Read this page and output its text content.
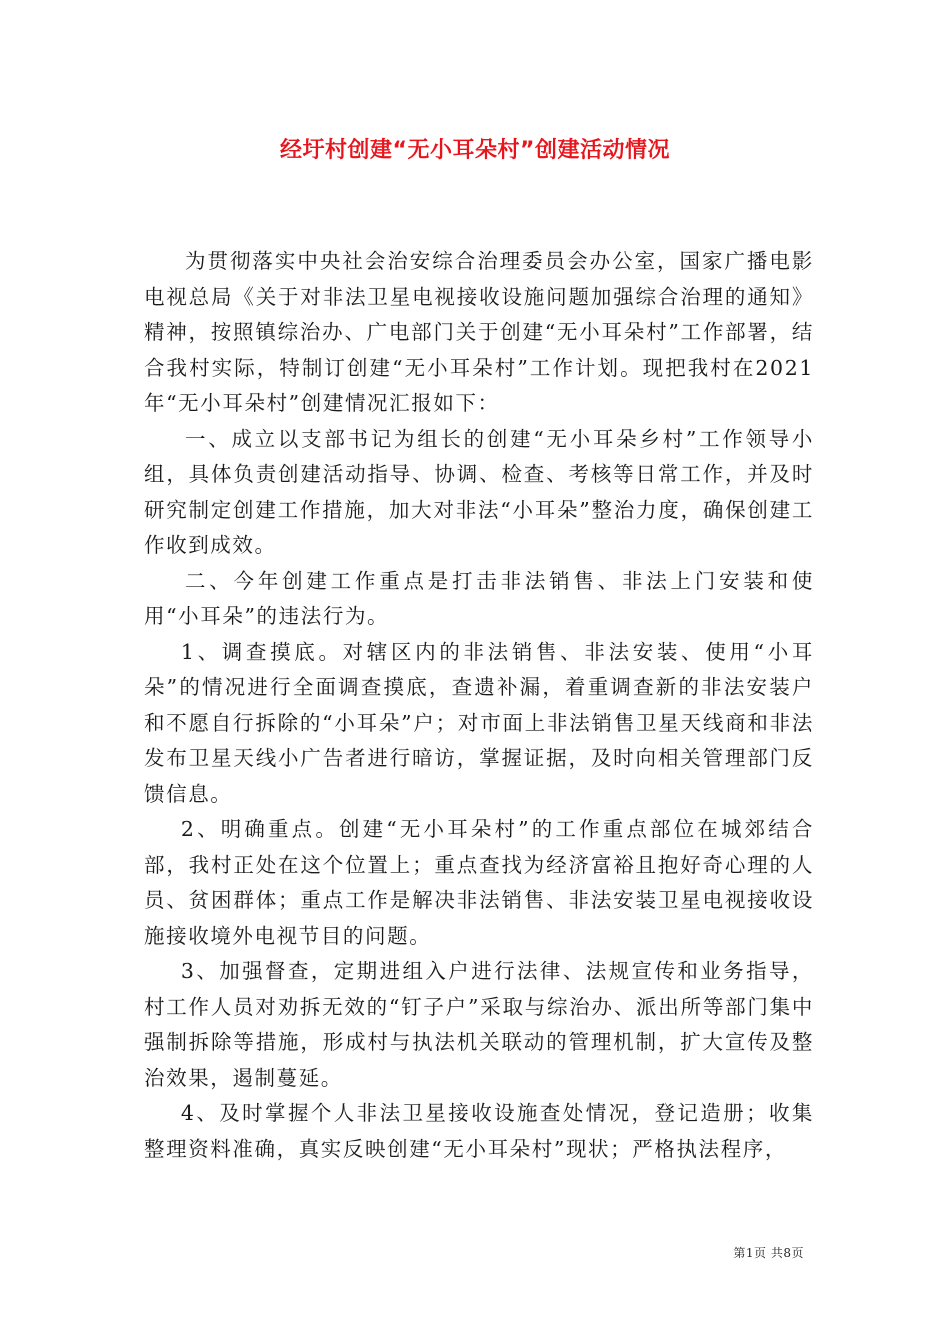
经圩村创建“无小耳朵村”创建活动情况

为贯彻落实中央社会治安综合治理委员会办公室，国家广播电影电视总局《关于对非法卫星电视接收设施问题加强综合治理的通知》精神，按照镇综治办、广电部门关于创建“无小耳朵村”工作部署，结合我村实际，特制订创建“无小耳朵村”工作计划。现把我村在2021年“无小耳朵村”创建情况汇报如下：

一、成立以支部书记为组长的创建“无小耳朵乡村”工作领导小组，具体负责创建活动指导、协调、检查、考核等日常工作，并及时研究制定创建工作措施，加大对非法“小耳朵”整治力度，确保创建工作收到成效。

二、今年创建工作重点是打击非法销售、非法上门安装和使用“小耳朵”的违法行为。

1、调查摸底。对辖区内的非法销售、非法安装、使用“小耳朵”的情况进行全面调查摸底，查遗补漏，着重调查新的非法安装户和不愿自行拆除的“小耳朵”户；对市面上非法销售卫星天线商和非法发布卫星天线小广告者进行暗访，掌握证据，及时向相关管理部门反馈信息。

2、明确重点。创建“无小耳朵村”的工作重点部位在城郊结合部，我村正处在这个位置上；重点查找为经济富裕且抱好奇心理的人员、贫困群体；重点工作是解决非法销售、非法安装卫星电视接收设施接收境外电视节目的问题。

3、加强督查，定期进组入户进行法律、法规宣传和业务指导，村工作人员对劝拆无效的“钉子户”采取与综治办、派出所等部门集中强制拆除等措施，形成村与执法机关联动的管理机制，扩大宣传及整治效果，遏制蔓延。

4、及时掌握个人非法卫星接收设施查处情况，登记造册；收集整理资料准确，真实反映创建“无小耳朵村”现状；严格执法程序，

第1页 共8页
